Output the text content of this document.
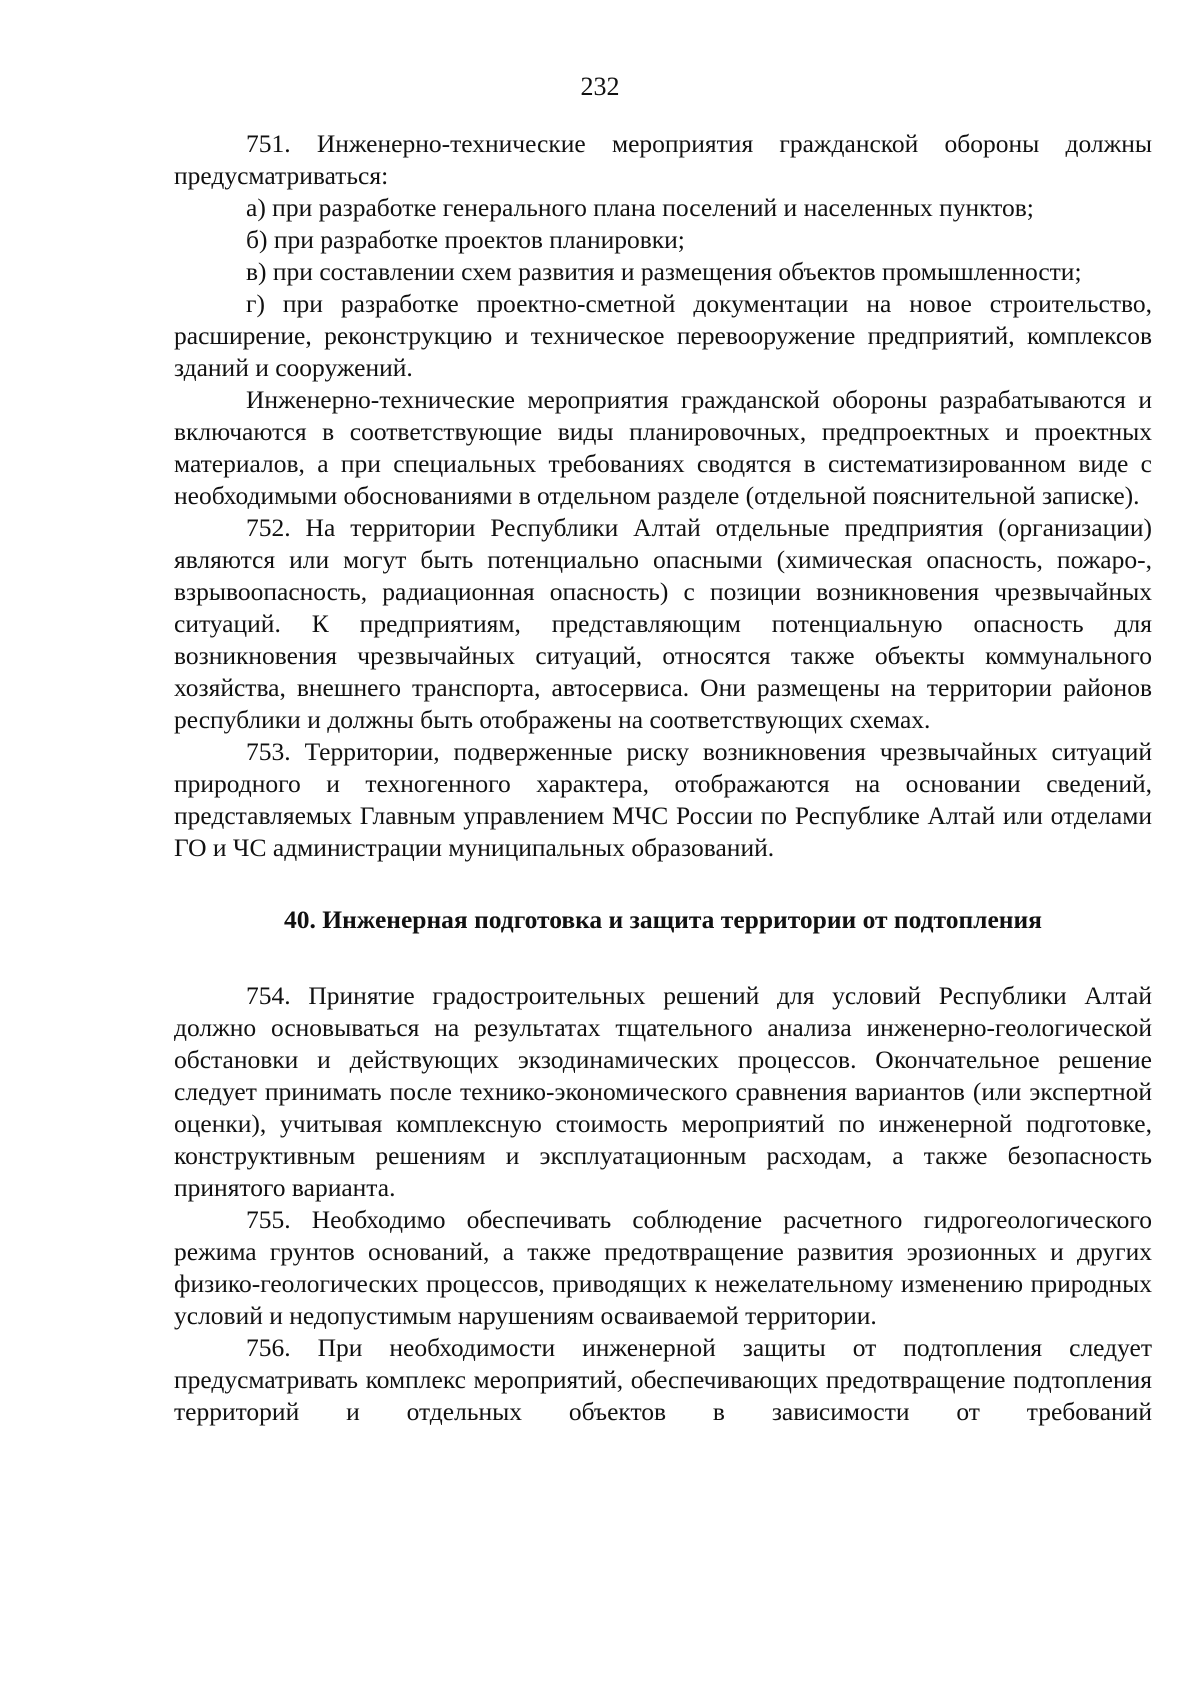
232

751. Инженерно-технические мероприятия гражданской обороны должны предусматриваться:

а) при разработке генерального плана поселений и населенных пунктов;

б) при разработке проектов планировки;

в) при составлении схем развития и размещения объектов промышленности;

г) при разработке проектно-сметной документации на новое строительство, расширение, реконструкцию и техническое перевооружение предприятий, комплексов зданий и сооружений.

Инженерно-технические мероприятия гражданской обороны разрабатываются и включаются в соответствующие виды планировочных, предпроектных и проектных материалов, а при специальных требованиях сводятся в систематизированном виде с необходимыми обоснованиями в отдельном разделе (отдельной пояснительной записке).

752. На территории Республики Алтай отдельные предприятия (организации) являются или могут быть потенциально опасными (химическая опасность, пожаро-, взрывоопасность, радиационная опасность) с позиции возникновения чрезвычайных ситуаций. К предприятиям, представляющим потенциальную опасность для возникновения чрезвычайных ситуаций, относятся также объекты коммунального хозяйства, внешнего транспорта, автосервиса. Они размещены на территории районов республики и должны быть отображены на соответствующих схемах.

753. Территории, подверженные риску возникновения чрезвычайных ситуаций природного и техногенного характера, отображаются на основании сведений, представляемых Главным управлением МЧС России по Республике Алтай или отделами ГО и ЧС администрации муниципальных образований.

40. Инженерная подготовка и защита территории от подтопления

754. Принятие градостроительных решений для условий Республики Алтай должно основываться на результатах тщательного анализа инженерно-геологической обстановки и действующих экзодинамических процессов. Окончательное решение следует принимать после технико-экономического сравнения вариантов (или экспертной оценки), учитывая комплексную стоимость мероприятий по инженерной подготовке, конструктивным решениям и эксплуатационным расходам, а также безопасность принятого варианта.

755. Необходимо обеспечивать соблюдение расчетного гидрогеологического режима грунтов оснований, а также предотвращение развития эрозионных и других физико-геологических процессов, приводящих к нежелательному изменению природных условий и недопустимым нарушениям осваиваемой территории.

756. При необходимости инженерной защиты от подтопления следует предусматривать комплекс мероприятий, обеспечивающих предотвращение подтопления территорий и отдельных объектов в зависимости от требований
